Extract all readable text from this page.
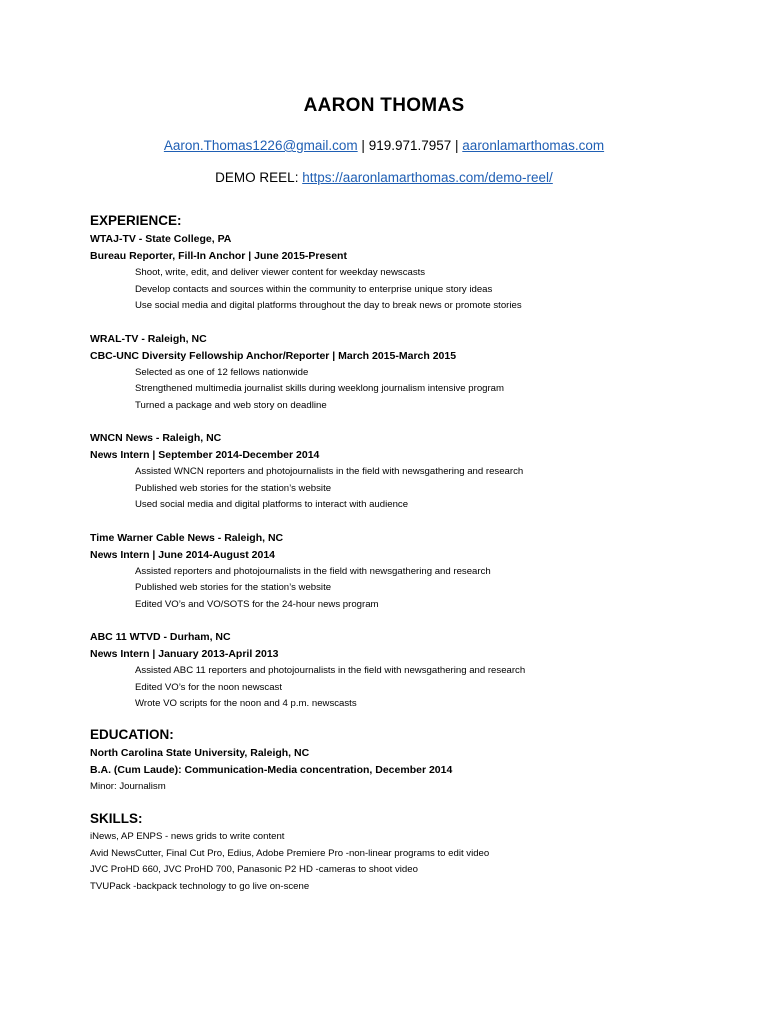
AARON THOMAS
Aaron.Thomas1226@gmail.com | 919.971.7957 | aaronlamarthomas.com
DEMO REEL: https://aaronlamarthomas.com/demo-reel/
EXPERIENCE:
WTAJ-TV - State College, PA
Bureau Reporter, Fill-In Anchor | June 2015-Present
Shoot, write, edit, and deliver viewer content for weekday newscasts
Develop contacts and sources within the community to enterprise unique story ideas
Use social media and digital platforms throughout the day to break news or promote stories
WRAL-TV - Raleigh, NC
CBC-UNC Diversity Fellowship Anchor/Reporter | March 2015-March 2015
Selected as one of 12 fellows nationwide
Strengthened multimedia journalist skills during weeklong journalism intensive program
Turned a package and web story on deadline
WNCN News - Raleigh, NC
News Intern | September 2014-December 2014
Assisted WNCN reporters and photojournalists in the field with newsgathering and research
Published web stories for the station’s website
Used social media and digital platforms to interact with audience
Time Warner Cable News - Raleigh, NC
News Intern | June 2014-August 2014
Assisted reporters and photojournalists in the field with newsgathering and research
Published web stories for the station’s website
Edited VO’s and VO/SOTS for the 24-hour news program
ABC 11 WTVD - Durham, NC
News Intern | January 2013-April 2013
Assisted ABC 11 reporters and photojournalists in the field with newsgathering and research
Edited VO’s for the noon newscast
Wrote VO scripts for the noon and 4 p.m. newscasts
EDUCATION:
North Carolina State University, Raleigh, NC
B.A. (Cum Laude): Communication-Media concentration, December 2014
Minor: Journalism
SKILLS:
iNews, AP ENPS - news grids to write content
Avid NewsCutter, Final Cut Pro, Edius, Adobe Premiere Pro -non-linear programs to edit video
JVC ProHD 660, JVC ProHD 700, Panasonic P2 HD -cameras to shoot video
TVUPack -backpack technology to go live on-scene
